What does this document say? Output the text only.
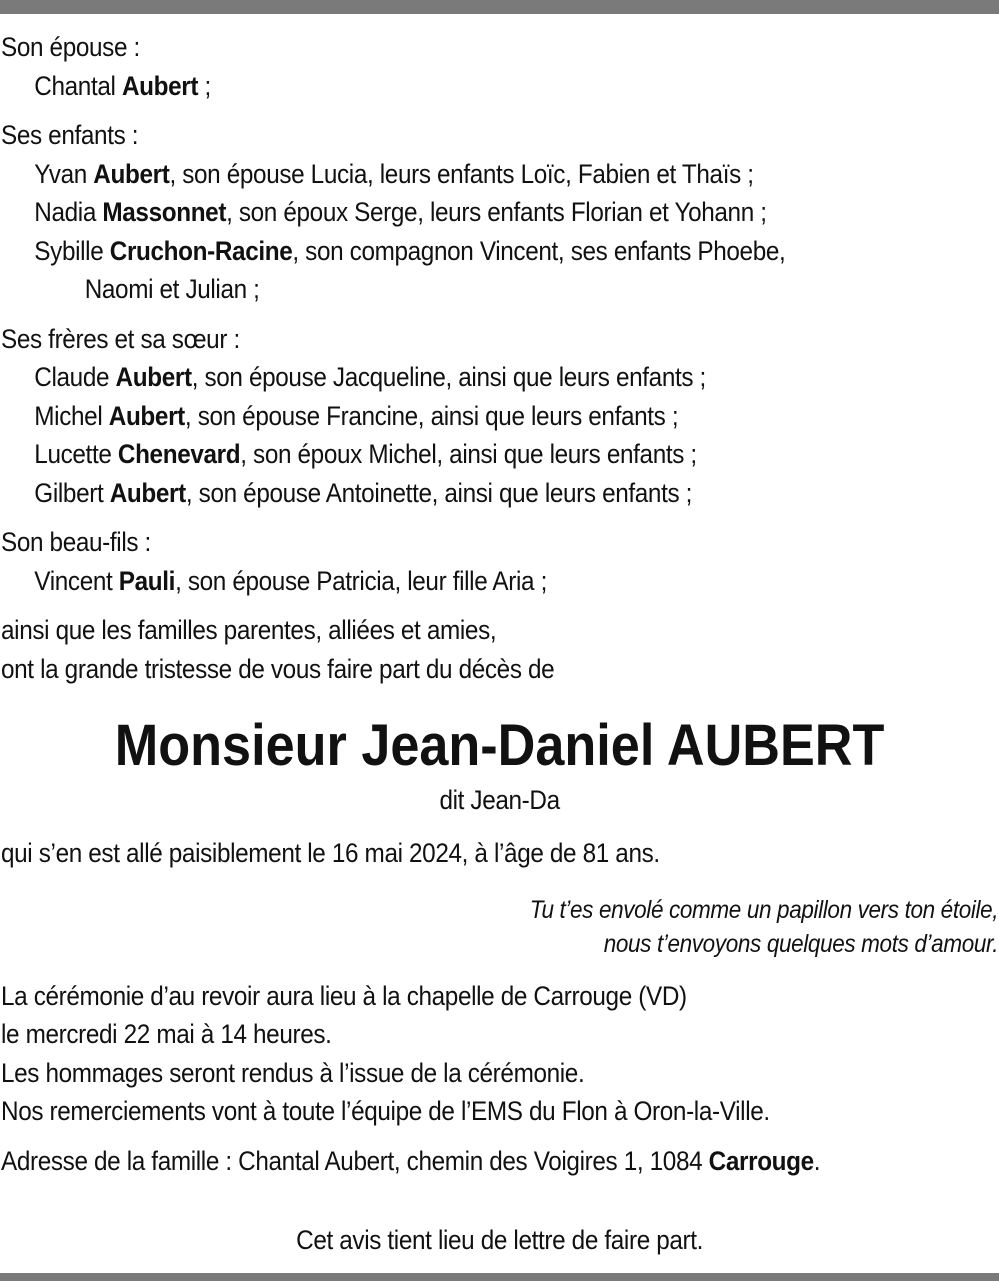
Son épouse :
Chantal Aubert ;
Ses enfants :
Yvan Aubert, son épouse Lucia, leurs enfants Loïc, Fabien et Thaïs ;
Nadia Massonnet, son époux Serge, leurs enfants Florian et Yohann ;
Sybille Cruchon-Racine, son compagnon Vincent, ses enfants Phoebe,
Naomi et Julian ;
Ses frères et sa sœur :
Claude Aubert, son épouse Jacqueline, ainsi que leurs enfants ;
Michel Aubert, son épouse Francine, ainsi que leurs enfants ;
Lucette Chenevard, son époux Michel, ainsi que leurs enfants ;
Gilbert Aubert, son épouse Antoinette, ainsi que leurs enfants ;
Son beau-fils :
Vincent Pauli, son épouse Patricia, leur fille Aria ;
ainsi que les familles parentes, alliées et amies,
ont la grande tristesse de vous faire part du décès de
Monsieur Jean-Daniel AUBERT
dit Jean-Da
qui s’en est allé paisiblement le 16 mai 2024, à l’âge de 81 ans.
Tu t’es envolé comme un papillon vers ton étoile,
nous t’envoyons quelques mots d’amour.
La cérémonie d’au revoir aura lieu à la chapelle de Carrouge (VD)
le mercredi 22 mai à 14 heures.
Les hommages seront rendus à l’issue de la cérémonie.
Nos remerciements vont à toute l’équipe de l’EMS du Flon à Oron-la-Ville.
Adresse de la famille : Chantal Aubert, chemin des Voigires 1, 1084 Carrouge.
Cet avis tient lieu de lettre de faire part.
